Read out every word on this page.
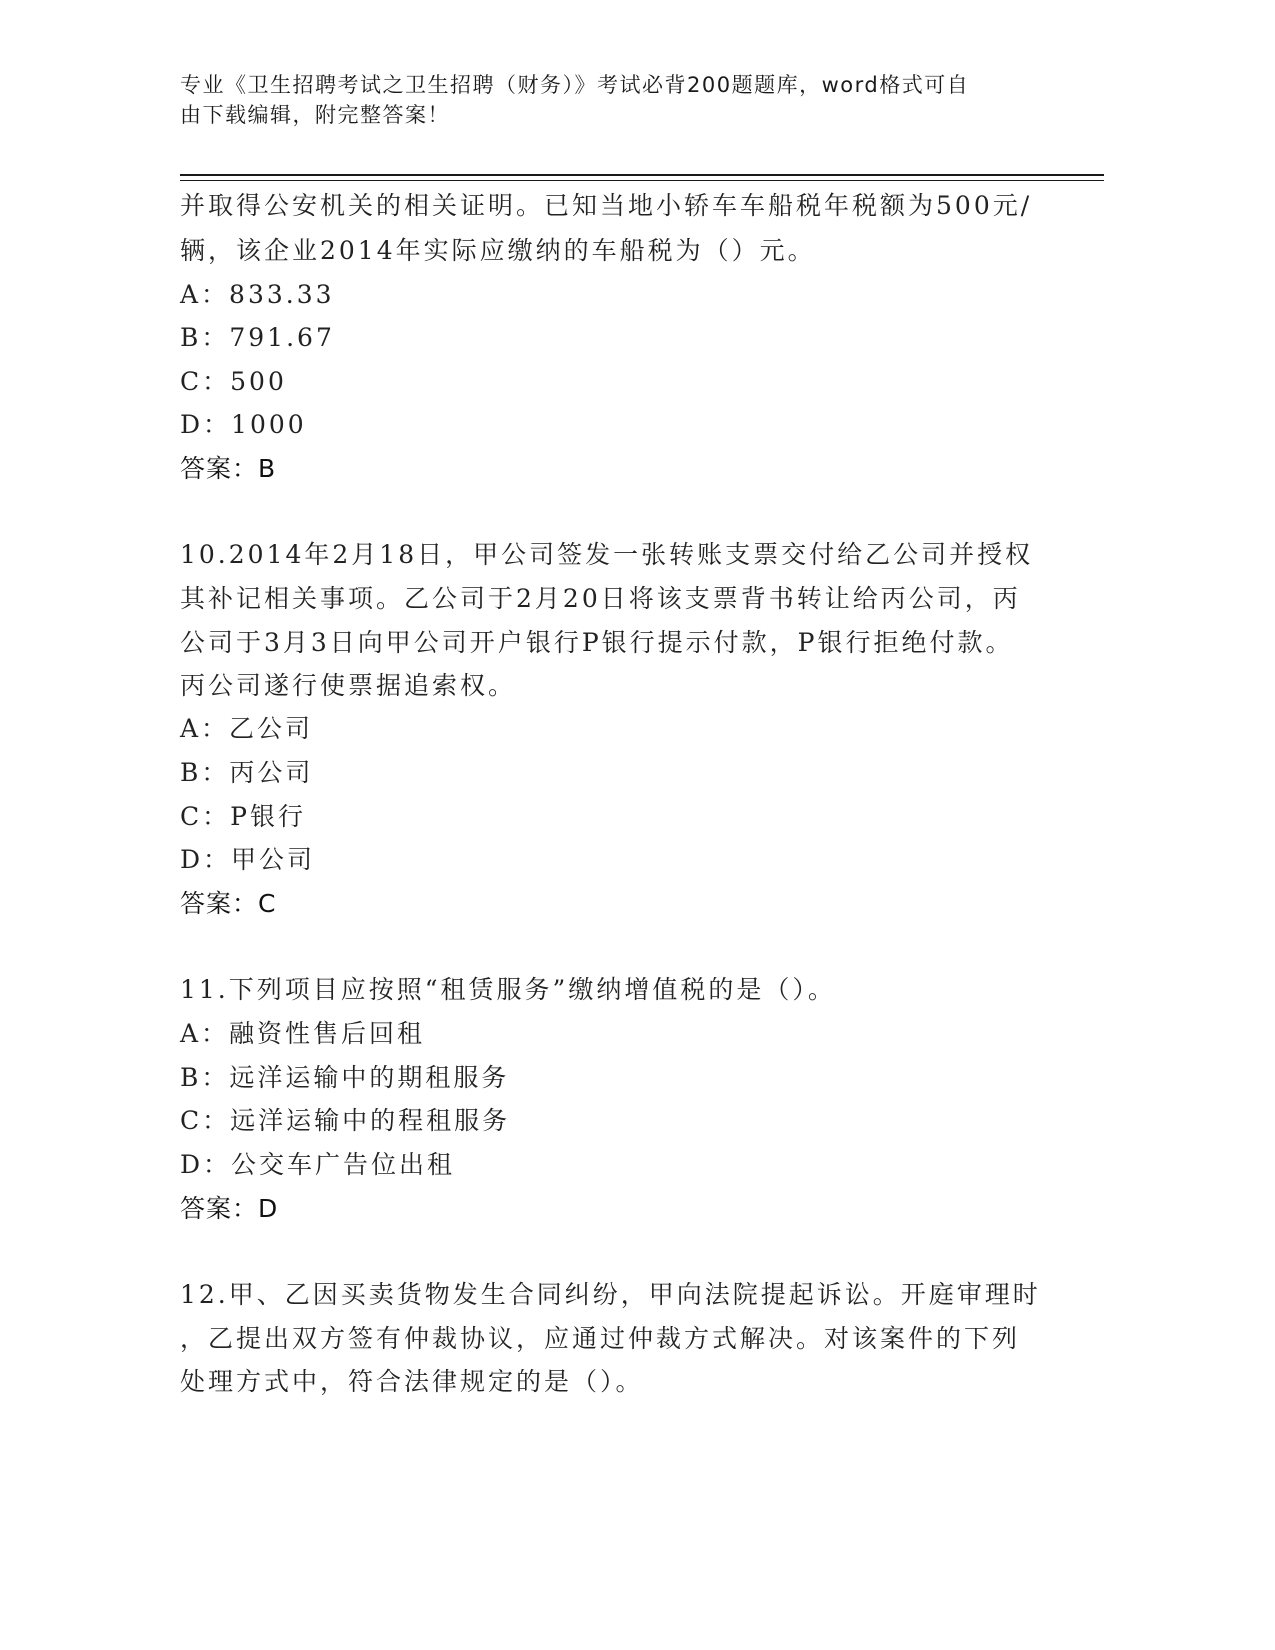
专业《卫生招聘考试之卫生招聘（财务）》考试必背200题题库，word格式可自
由下载编辑，附完整答案！
并取得公安机关的相关证明。已知当地小轿车车船税年税额为500元/
辆，该企业2014年实际应缴纳的车船税为（）元。
A：833.33
B：791.67
C：500
D：1000
答案：B
10.2014年2月18日，甲公司签发一张转账支票交付给乙公司并授权
其补记相关事项。乙公司于2月20日将该支票背书转让给丙公司，丙
公司于3月3日向甲公司开户银行P银行提示付款，P银行拒绝付款。
丙公司遂行使票据追索权。
A：乙公司
B：丙公司
C：P银行
D：甲公司
答案：C
11.下列项目应按照“租赁服务”缴纳增值税的是（）。
A：融资性售后回租
B：远洋运输中的期租服务
C：远洋运输中的程租服务
D：公交车广告位出租
答案：D
12.甲、乙因买卖货物发生合同纠纷，甲向法院提起诉讼。开庭审理时
，乙提出双方签有仲裁协议，应通过仲裁方式解决。对该案件的下列
处理方式中，符合法律规定的是（）。
